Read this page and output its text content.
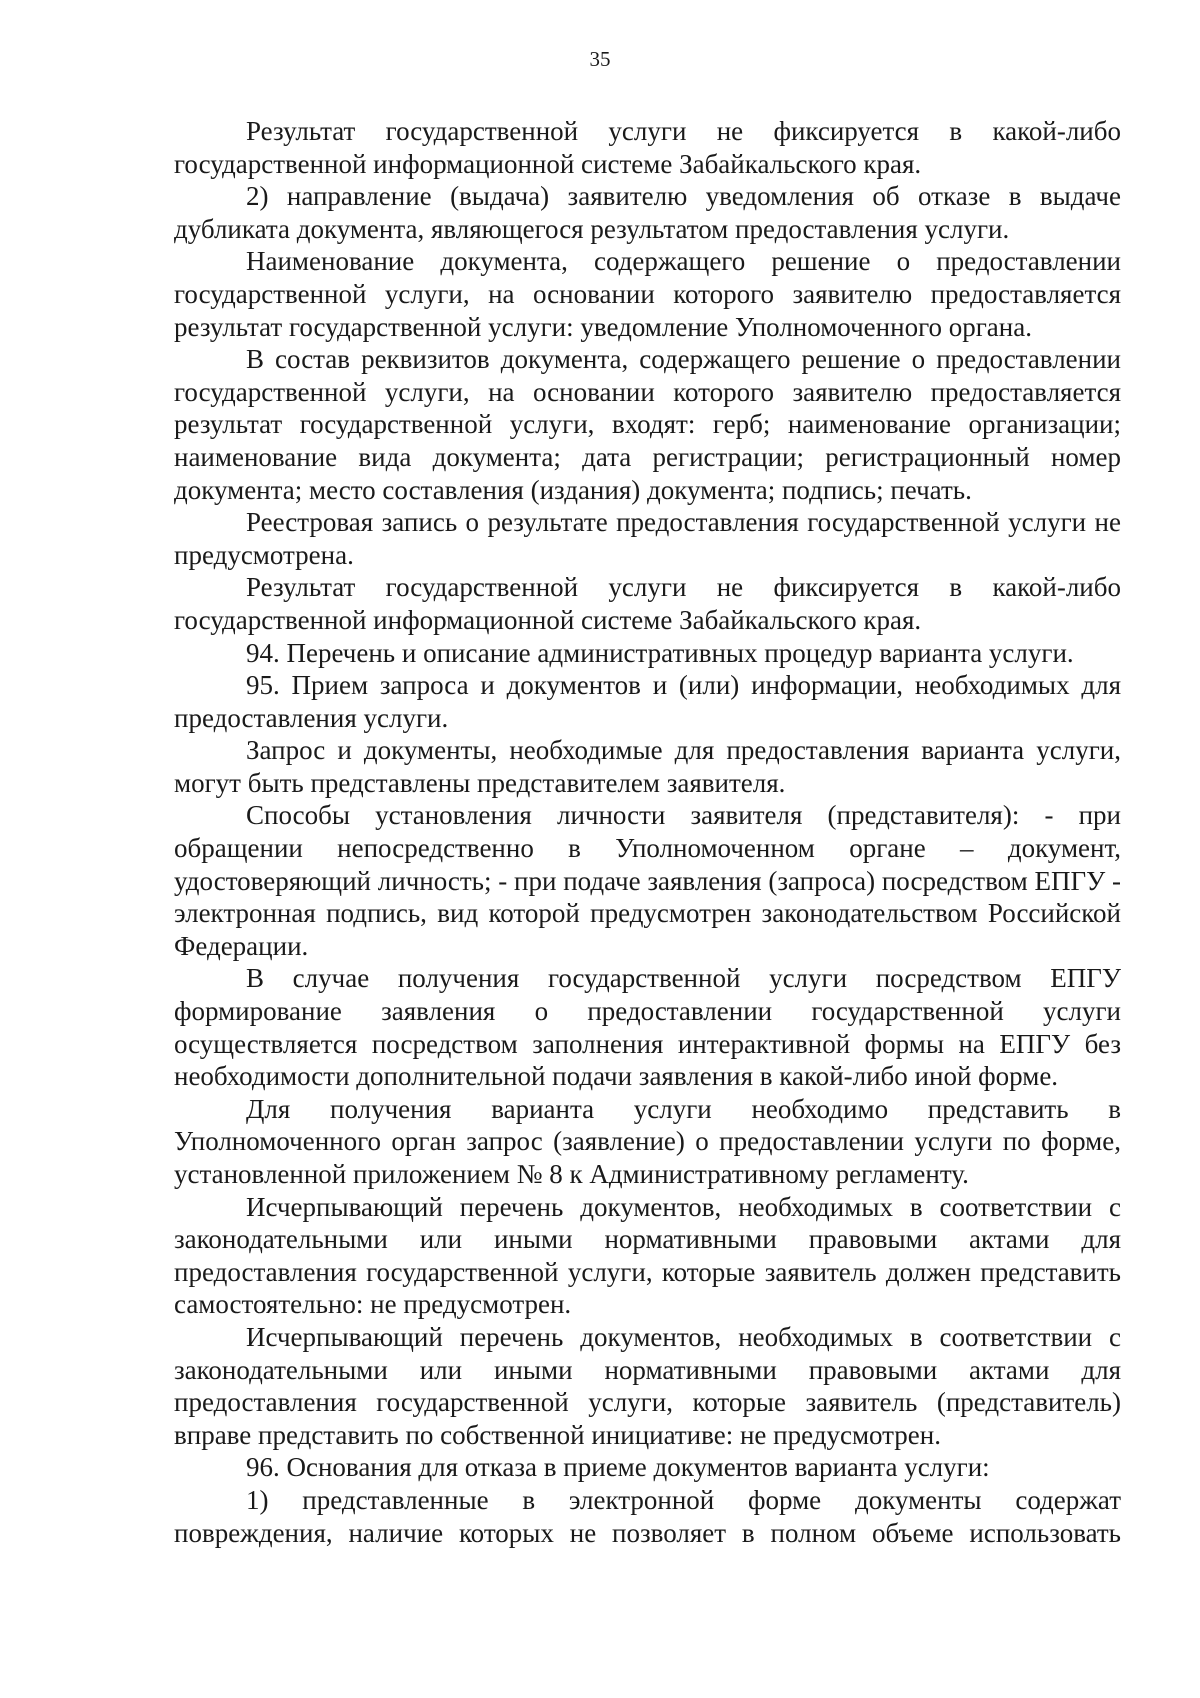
35

Результат государственной услуги не фиксируется в какой-либо государственной информационной системе Забайкальского края.

2) направление (выдача) заявителю уведомления об отказе в выдаче дубликата документа, являющегося результатом предоставления услуги.

Наименование документа, содержащего решение о предоставлении государственной услуги, на основании которого заявителю предоставляется результат государственной услуги: уведомление Уполномоченного органа.

В состав реквизитов документа, содержащего решение о предоставлении государственной услуги, на основании которого заявителю предоставляется результат государственной услуги, входят: герб; наименование организации; наименование вида документа; дата регистрации; регистрационный номер документа; место составления (издания) документа; подпись; печать.

Реестровая запись о результате предоставления государственной услуги не предусмотрена.

Результат государственной услуги не фиксируется в какой-либо государственной информационной системе Забайкальского края.

94. Перечень и описание административных процедур варианта услуги.

95. Прием запроса и документов и (или) информации, необходимых для предоставления услуги.

Запрос и документы, необходимые для предоставления варианта услуги, могут быть представлены представителем заявителя.

Способы установления личности заявителя (представителя): - при обращении непосредственно в Уполномоченном органе – документ, удостоверяющий личность; - при подаче заявления (запроса) посредством ЕПГУ - электронная подпись, вид которой предусмотрен законодательством Российской Федерации.

В случае получения государственной услуги посредством ЕПГУ формирование заявления о предоставлении государственной услуги осуществляется посредством заполнения интерактивной формы на ЕПГУ без необходимости дополнительной подачи заявления в какой-либо иной форме.

Для получения варианта услуги необходимо представить в Уполномоченного орган запрос (заявление) о предоставлении услуги по форме, установленной приложением № 8 к Административному регламенту.

Исчерпывающий перечень документов, необходимых в соответствии с законодательными или иными нормативными правовыми актами для предоставления государственной услуги, которые заявитель должен представить самостоятельно: не предусмотрен.

Исчерпывающий перечень документов, необходимых в соответствии с законодательными или иными нормативными правовыми актами для предоставления государственной услуги, которые заявитель (представитель) вправе представить по собственной инициативе: не предусмотрен.

96. Основания для отказа в приеме документов варианта услуги:

1) представленные в электронной форме документы содержат повреждения, наличие которых не позволяет в полном объеме использовать
